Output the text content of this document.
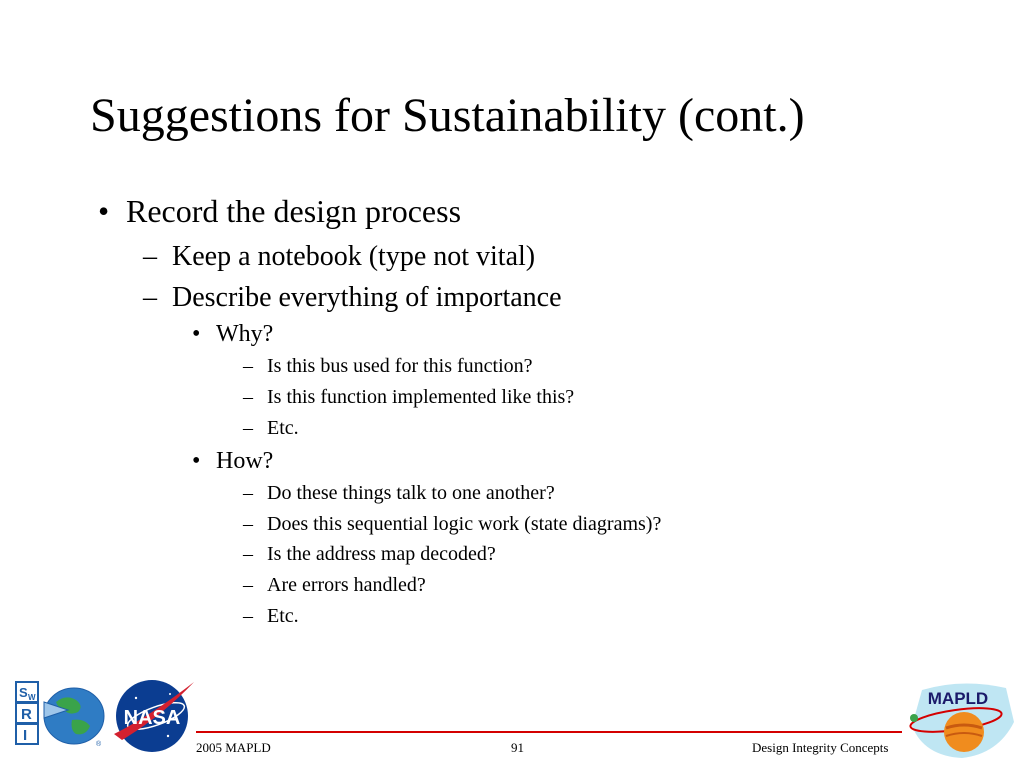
Suggestions for Sustainability (cont.)
• Record the design process
– Keep a notebook (type not vital)
– Describe everything of importance
• Why?
– Is this bus used for this function?
– Is this function implemented like this?
– Etc.
• How?
– Do these things talk to one another?
– Does this sequential logic work (state diagrams)?
– Is the address map decoded?
– Are errors handled?
– Etc.
S W
R
I
®
NASA
MAPLD
2005 MAPLD	91	Design Integrity Concepts
